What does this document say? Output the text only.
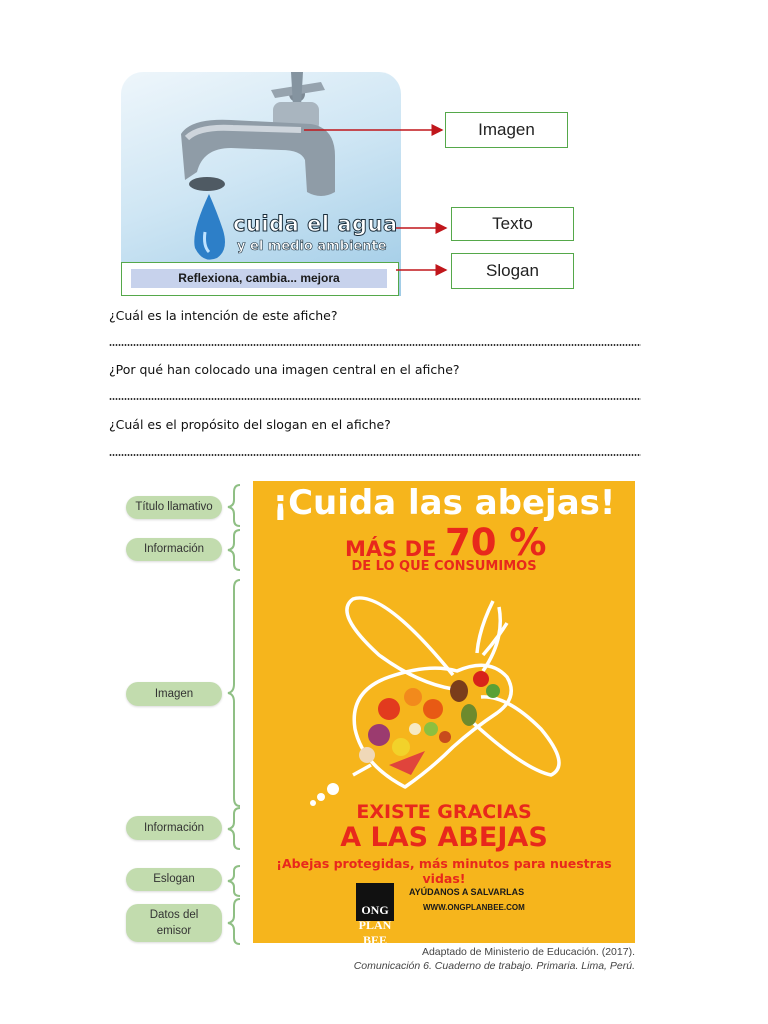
cuida el agua
y el medio ambiente
Reflexiona, cambia... mejora
Imagen
Texto
Slogan
¿Cuál es la intención de este afiche?
¿Por qué han colocado una imagen central en el afiche?
¿Cuál es el propósito del slogan en el afiche?
Título llamativo
Información
Imagen
Información
Eslogan
Datos del
emisor
¡Cuida las abejas!
MÁS DE 70 %
DE LO QUE CONSUMIMOS
EXISTE GRACIAS
A LAS ABEJAS
¡Abejas protegidas, más minutos para nuestras vidas!
ONG PLAN BEE
AYÚDANOS A SALVARLAS
WWW.ONGPLANBEE.COM
Adaptado de Ministerio de Educación. (2017).
Comunicación 6. Cuaderno de trabajo. Primaria. Lima, Perú.
